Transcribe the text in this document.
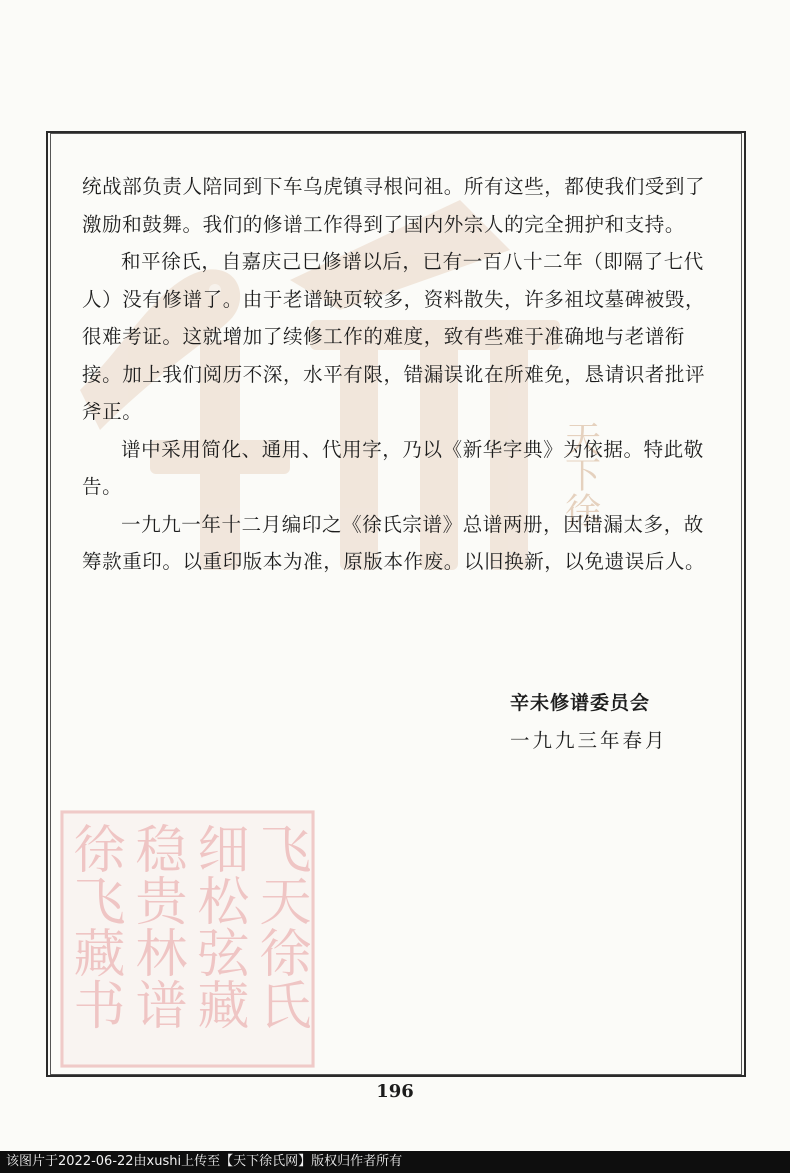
天下徐

统战部负责人陪同到下车乌虎镇寻根问祖。所有这些，都使我们受到了激励和鼓舞。我们的修谱工作得到了国内外宗人的完全拥护和支持。

和平徐氏，自嘉庆己巳修谱以后，已有一百八十二年（即隔了七代人）没有修谱了。由于老谱缺页较多，资料散失，许多祖坟墓碑被毁，很难考证。这就增加了续修工作的难度，致有些难于准确地与老谱衔接。加上我们阅历不深，水平有限，错漏误讹在所难免，恳请识者批评斧正。

谱中采用简化、通用、代用字，乃以《新华字典》为依据。特此敬告。

一九九一年十二月编印之《徐氏宗谱》总谱两册，因错漏太多，故筹款重印。以重印版本为准，原版本作废。以旧换新，以免遗误后人。

辛未修谱委员会
一九九三年春月
徐飞藏书 稳贵林谱 细松弦藏 飞天徐氏
196
该图片于2022-06-22由xushi上传至【天下徐氏网】版权归作者所有
